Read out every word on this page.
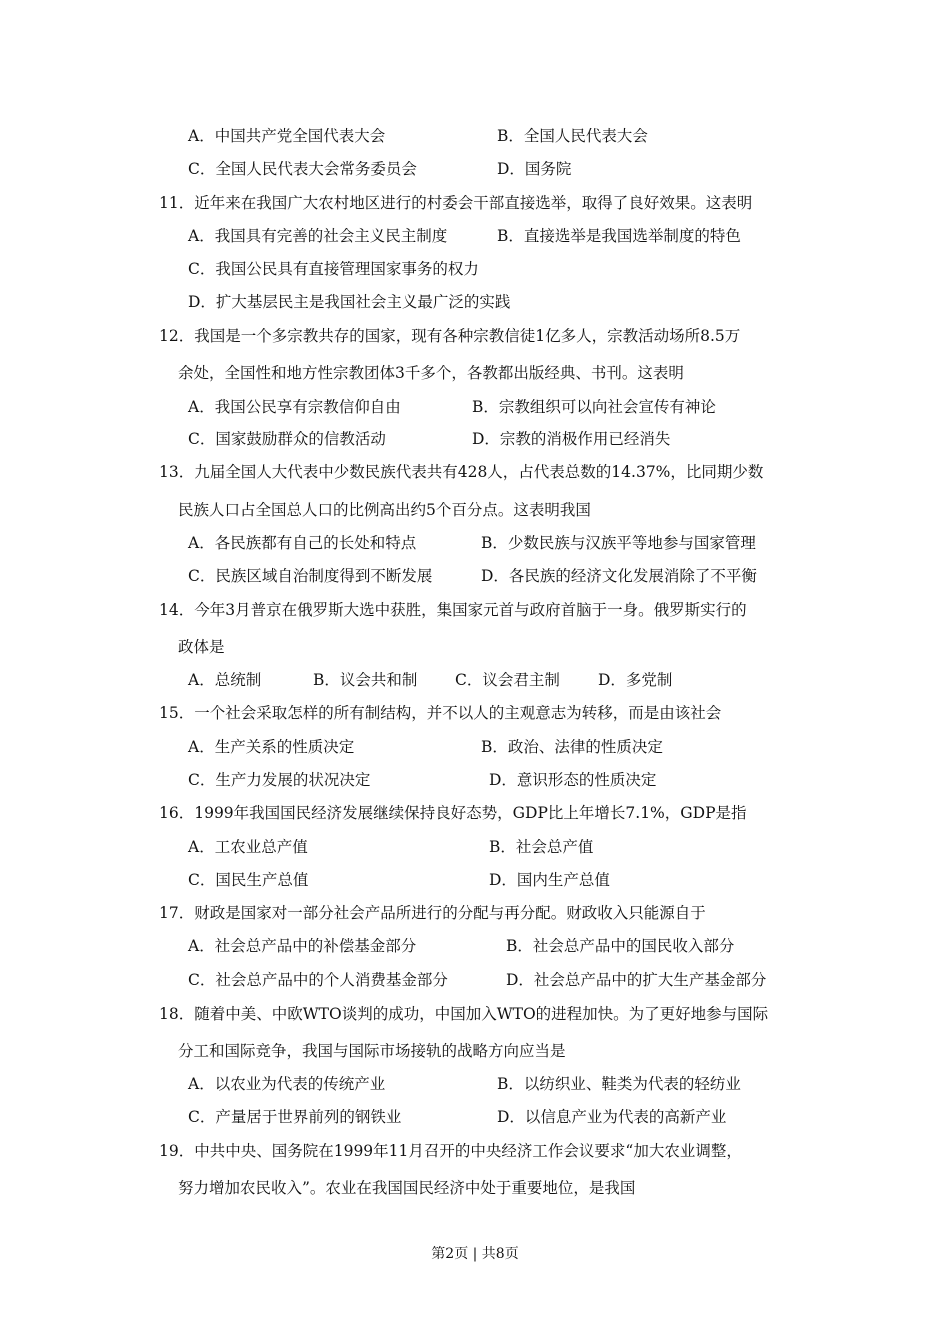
A．中国共产党全国代表大会	B．全国人民代表大会
C．全国人民代表大会常务委员会	D．国务院
11．近年来在我国广大农村地区进行的村委会干部直接选举，取得了良好效果。这表明
A．我国具有完善的社会主义民主制度	B．直接选举是我国选举制度的特色
C．我国公民具有直接管理国家事务的权力
D．扩大基层民主是我国社会主义最广泛的实践
12．我国是一个多宗教共存的国家，现有各种宗教信徒1亿多人，宗教活动场所8.5万
余处，全国性和地方性宗教团体3千多个，各教都出版经典、书刊。这表明
A．我国公民享有宗教信仰自由	B．宗教组织可以向社会宣传有神论
C．国家鼓励群众的信教活动	D．宗教的消极作用已经消失
13．九届全国人大代表中少数民族代表共有428人，占代表总数的14.37%，比同期少数
民族人口占全国总人口的比例高出约5个百分点。这表明我国
A．各民族都有自己的长处和特点	B．少数民族与汉族平等地参与国家管理
C．民族区域自治制度得到不断发展	D．各民族的经济文化发展消除了不平衡
14．今年3月普京在俄罗斯大选中获胜，集国家元首与政府首脑于一身。俄罗斯实行的
政体是
A．总统制	B．议会共和制 C．议会君主制 D．多党制
15．一个社会采取怎样的所有制结构，并不以人的主观意志为转移，而是由该社会
A．生产关系的性质决定	B．政治、法律的性质决定
C．生产力发展的状况决定	D．意识形态的性质决定
16．1999年我国国民经济发展继续保持良好态势，GDP比上年增长7.1%，GDP是指
A．工农业总产值	B．社会总产值
C．国民生产总值	D．国内生产总值
17．财政是国家对一部分社会产品所进行的分配与再分配。财政收入只能源自于
A．社会总产品中的补偿基金部分	B．社会总产品中的国民收入部分
C．社会总产品中的个人消费基金部分	D．社会总产品中的扩大生产基金部分
18．随着中美、中欧WTO谈判的成功，中国加入WTO的进程加快。为了更好地参与国际
分工和国际竞争，我国与国际市场接轨的战略方向应当是
A．以农业为代表的传统产业	B．以纺织业、鞋类为代表的轻纺业
C．产量居于世界前列的钢铁业	D．以信息产业为代表的高新产业
19．中共中央、国务院在1999年11月召开的中央经济工作会议要求“加大农业调整，
努力增加农民收入”。农业在我国国民经济中处于重要地位，是我国
第2页 | 共8页
